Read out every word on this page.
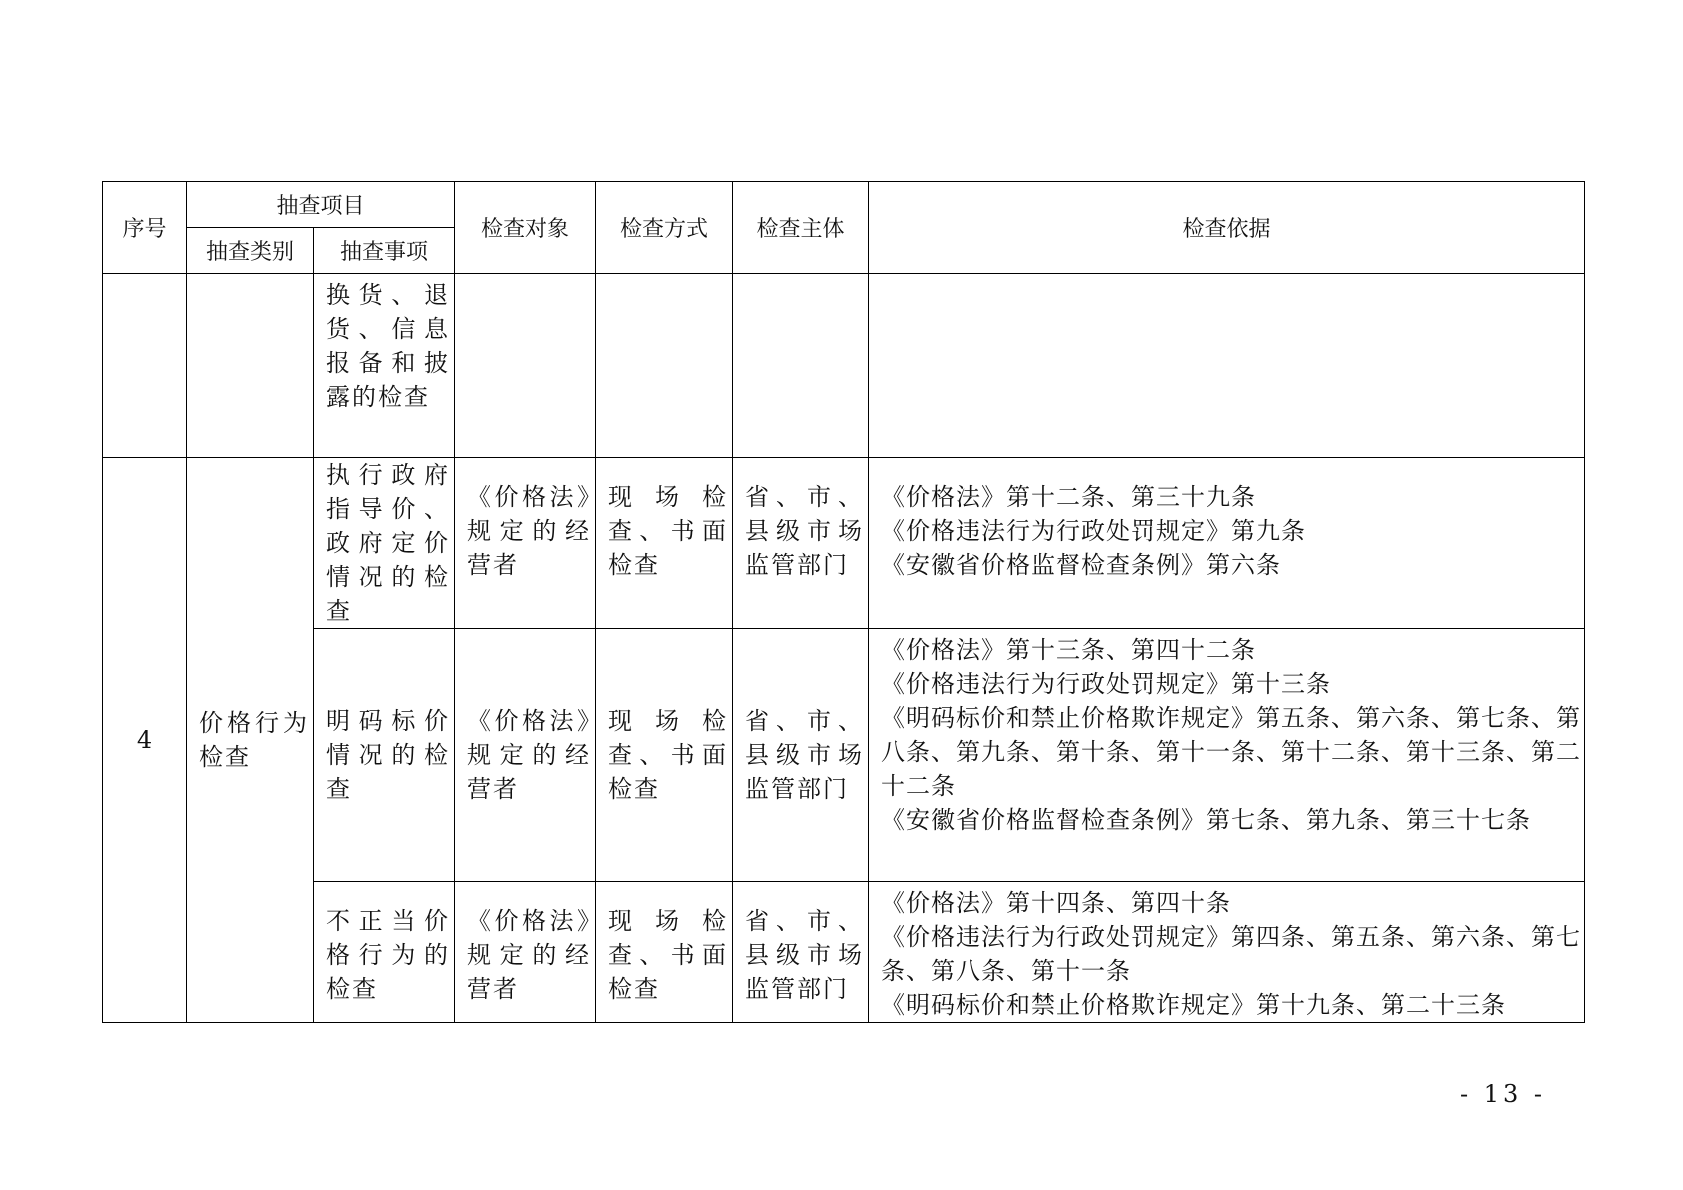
序号	抽查项目		检查对象	检查方式	检查主体	检查依据
	抽查类别	抽查事项				

		换货、退货、信息报备和披露的检查				

4	价格行为检查	执行政府指导价、政府定价情况的检查	《价格法》规定的经营者	现场检查、书面检查	省、市、县级市场监管部门	《价格法》第十二条、第三十九条
《价格违法行为行政处罚规定》第九条
《安徽省价格监督检查条例》第六条

		明码标价情况的检查	《价格法》规定的经营者	现场检查、书面检查	省、市、县级市场监管部门	《价格法》第十三条、第四十二条
《价格违法行为行政处罚规定》第十三条
《明码标价和禁止价格欺诈规定》第五条、第六条、第七条、第八条、第九条、第十条、第十一条、第十二条、第十三条、第二十二条
《安徽省价格监督检查条例》第七条、第九条、第三十七条

		不正当价格行为的检查	《价格法》规定的经营者	现场检查、书面检查	省、市、县级市场监管部门	《价格法》第十四条、第四十条
《价格违法行为行政处罚规定》第四条、第五条、第六条、第七条、第八条、第十一条
《明码标价和禁止价格欺诈规定》第十九条、第二十三条
- 13 -
